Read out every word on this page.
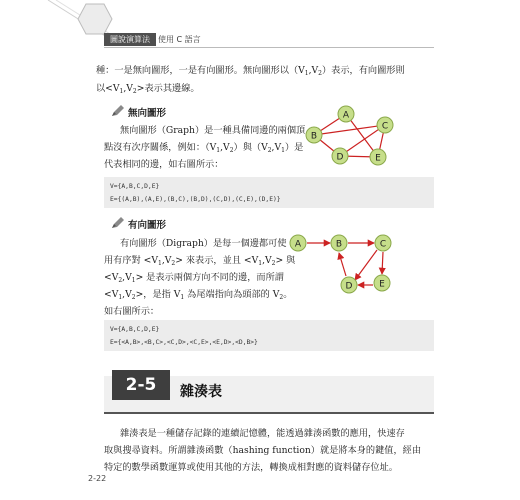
圖說演算法	使用 C 語言
種：一是無向圖形，一是有向圖形。無向圖形以$(V_1,V_2)$表示，有向圖形則
以$<V_1,V_2>$表示其邊線。
無向圖形
無向圖形（Graph）是一種具備同邊的兩個頂
點沒有次序關係，例如：$(V_1,V_2)$與$(V_2,V_1)$是
代表相同的邊，如右圖所示：
A
B
C
D	E
V={A,B,C,D,E}
E={(A,B),(A,E),(B,C),(B,D),(C,D),(C,E),(D,E)}
有向圖形
有向圖形（Digraph）是每一個邊都可使
用有序對 $<V_1,V_2>$ 來表示，並且 $<V_1,V_2>$ 與
$<V_2,V_1>$ 是表示兩個方向不同的邊，而所謂
$<V_1,V_2>$，是指 $V_1$ 為尾端指向為頭部的 $V_2$。
如右圖所示：
A	B	C
D	E
V={A,B,C,D,E}
E={<A,B>,<B,C>,<C,D>,<C,E>,<E,D>,<D,B>}
2-5	雜湊表
雜湊表是一種儲存記錄的連續記憶體，能透過雜湊函數的應用，快速存
取與搜尋資料。所謂雜湊函數（hashing function）就是將本身的鍵值，經由
特定的數學函數運算或使用其他的方法，轉換成相對應的資料儲存位址。
2-22
